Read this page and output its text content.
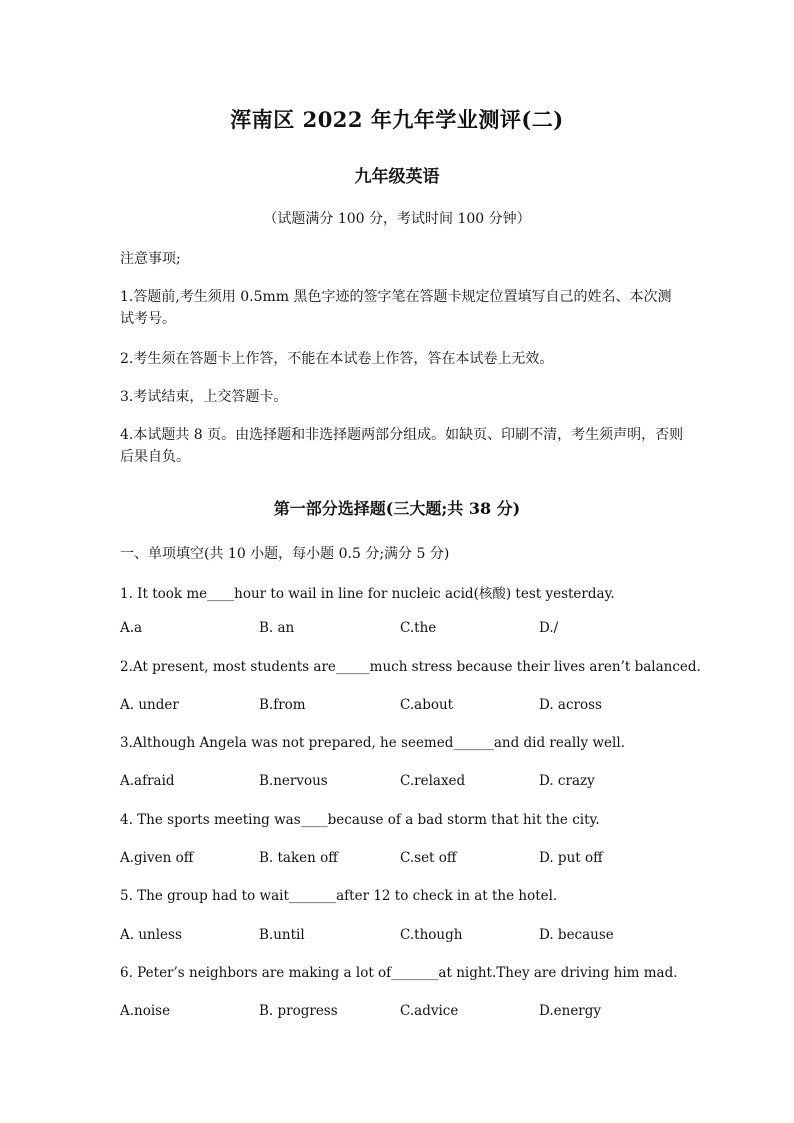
浑南区 2022 年九年学业测评(二)
九年级英语
（试题满分 100 分，考试时间 100 分钟）
注意事项;
1.答题前,考生须用 0.5mm 黑色字迹的签字笔在答题卡规定位置填写自己的姓名、本次测试考号。
2.考生须在答题卡上作答，不能在本试卷上作答，答在本试卷上无效。
3.考试结束，上交答题卡。
4.本试题共 8 页。由选择题和非选择题两部分组成。如缺页、印刷不清，考生须声明，否则后果自负。
第一部分选择题(三大题;共 38 分)
一、单项填空(共 10 小题，每小题 0.5 分;满分 5 分)
1. It took me____hour to wail in line for nucleic acid(核酸) test yesterday.
A.a	B. an	C.the	D./
2.At present, most students are_____much stress because their lives aren’t balanced.
A. under	B.from	C.about	D. across
3.Although Angela was not prepared, he seemed______and did really well.
A.afraid	B.nervous	C.relaxed	D. crazy
4. The sports meeting was____because of a bad storm that hit the city.
A.given off	B. taken off	C.set off	D. put off
5. The group had to wait_______after 12 to check in at the hotel.
A. unless	B.until	C.though	D. because
6. Peter’s neighbors are making a lot of_______at night.They are driving him mad.
A.noise	B. progress	C.advice	D.energy
